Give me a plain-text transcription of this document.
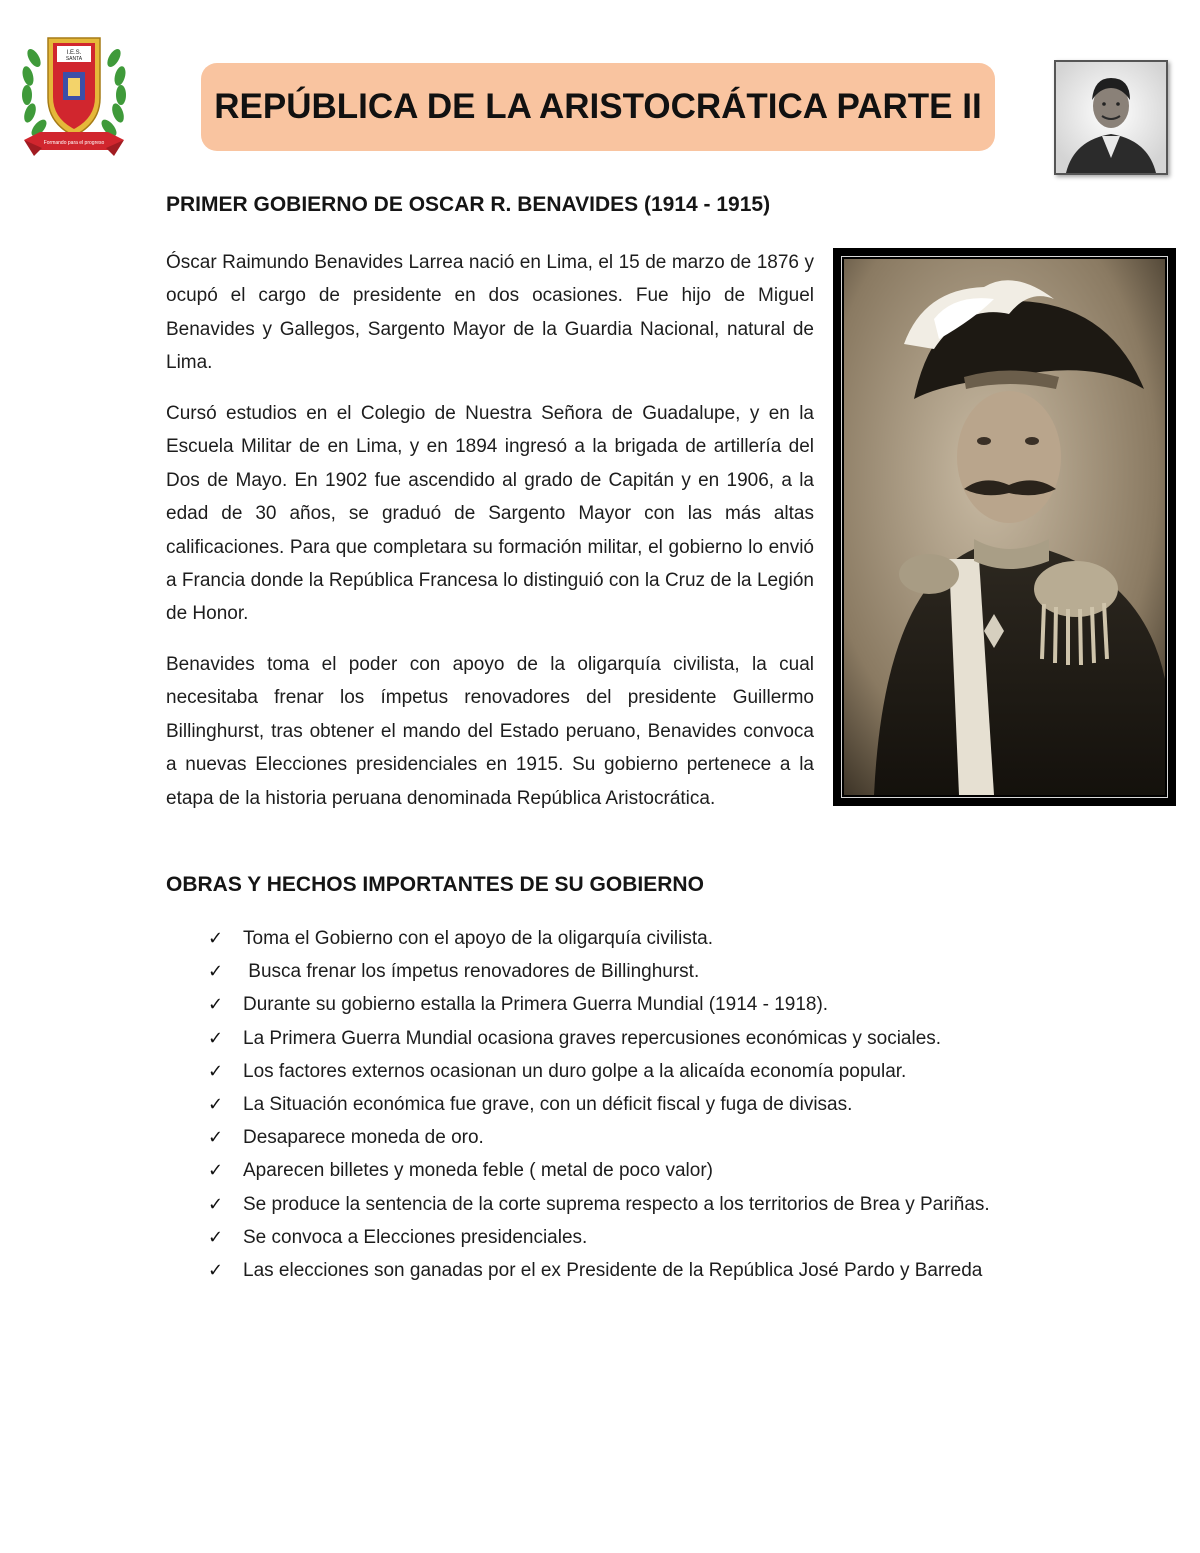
I.E.S.
SANTA
Formando para el progreso
REPÚBLICA DE LA ARISTOCRÁTICA PARTE II
PRIMER GOBIERNO DE OSCAR R. BENAVIDES (1914 - 1915)

Óscar Raimundo Benavides Larrea nació en Lima, el 15 de marzo de 1876 y ocupó el cargo de presidente en dos ocasiones. Fue hijo de Miguel Benavides y Gallegos, Sargento Mayor de la Guardia Nacional, natural de Lima.

Cursó estudios en el Colegio de Nuestra Señora de Guadalupe, y en la Escuela Militar de en Lima, y en 1894 ingresó a la brigada de artillería del Dos de Mayo. En 1902 fue ascendido al grado de Capitán y en 1906, a la edad de 30 años, se graduó de Sargento Mayor con las más altas calificaciones. Para que completara su formación militar, el gobierno lo envió a Francia donde la República Francesa lo distinguió con la Cruz de la Legión de Honor.

Benavides toma el poder con apoyo de la oligarquía civilista, la cual necesitaba frenar los ímpetus renovadores del presidente Guillermo Billinghurst, tras obtener el mando del Estado peruano, Benavides convoca a nuevas Elecciones presidenciales en 1915. Su gobierno pertenece a la etapa de la historia peruana denominada República Aristocrática.

OBRAS Y HECHOS IMPORTANTES DE SU GOBIERNO
✓ Toma el Gobierno con el apoyo de la oligarquía civilista.
✓ Busca frenar los ímpetus renovadores de Billinghurst.
✓ Durante su gobierno estalla la Primera Guerra Mundial (1914 - 1918).
✓ La Primera Guerra Mundial ocasiona graves repercusiones económicas y sociales.
✓ Los factores externos ocasionan un duro golpe a la alicaída economía popular.
✓ La Situación económica fue grave, con un déficit fiscal y fuga de divisas.
✓ Desaparece moneda de oro.
✓ Aparecen billetes y moneda feble ( metal de poco valor)
✓ Se produce la sentencia de la corte suprema respecto a los territorios de Brea y Pariñas.
✓ Se convoca a Elecciones presidenciales.
✓ Las elecciones son ganadas por el ex Presidente de la República José Pardo y Barreda
